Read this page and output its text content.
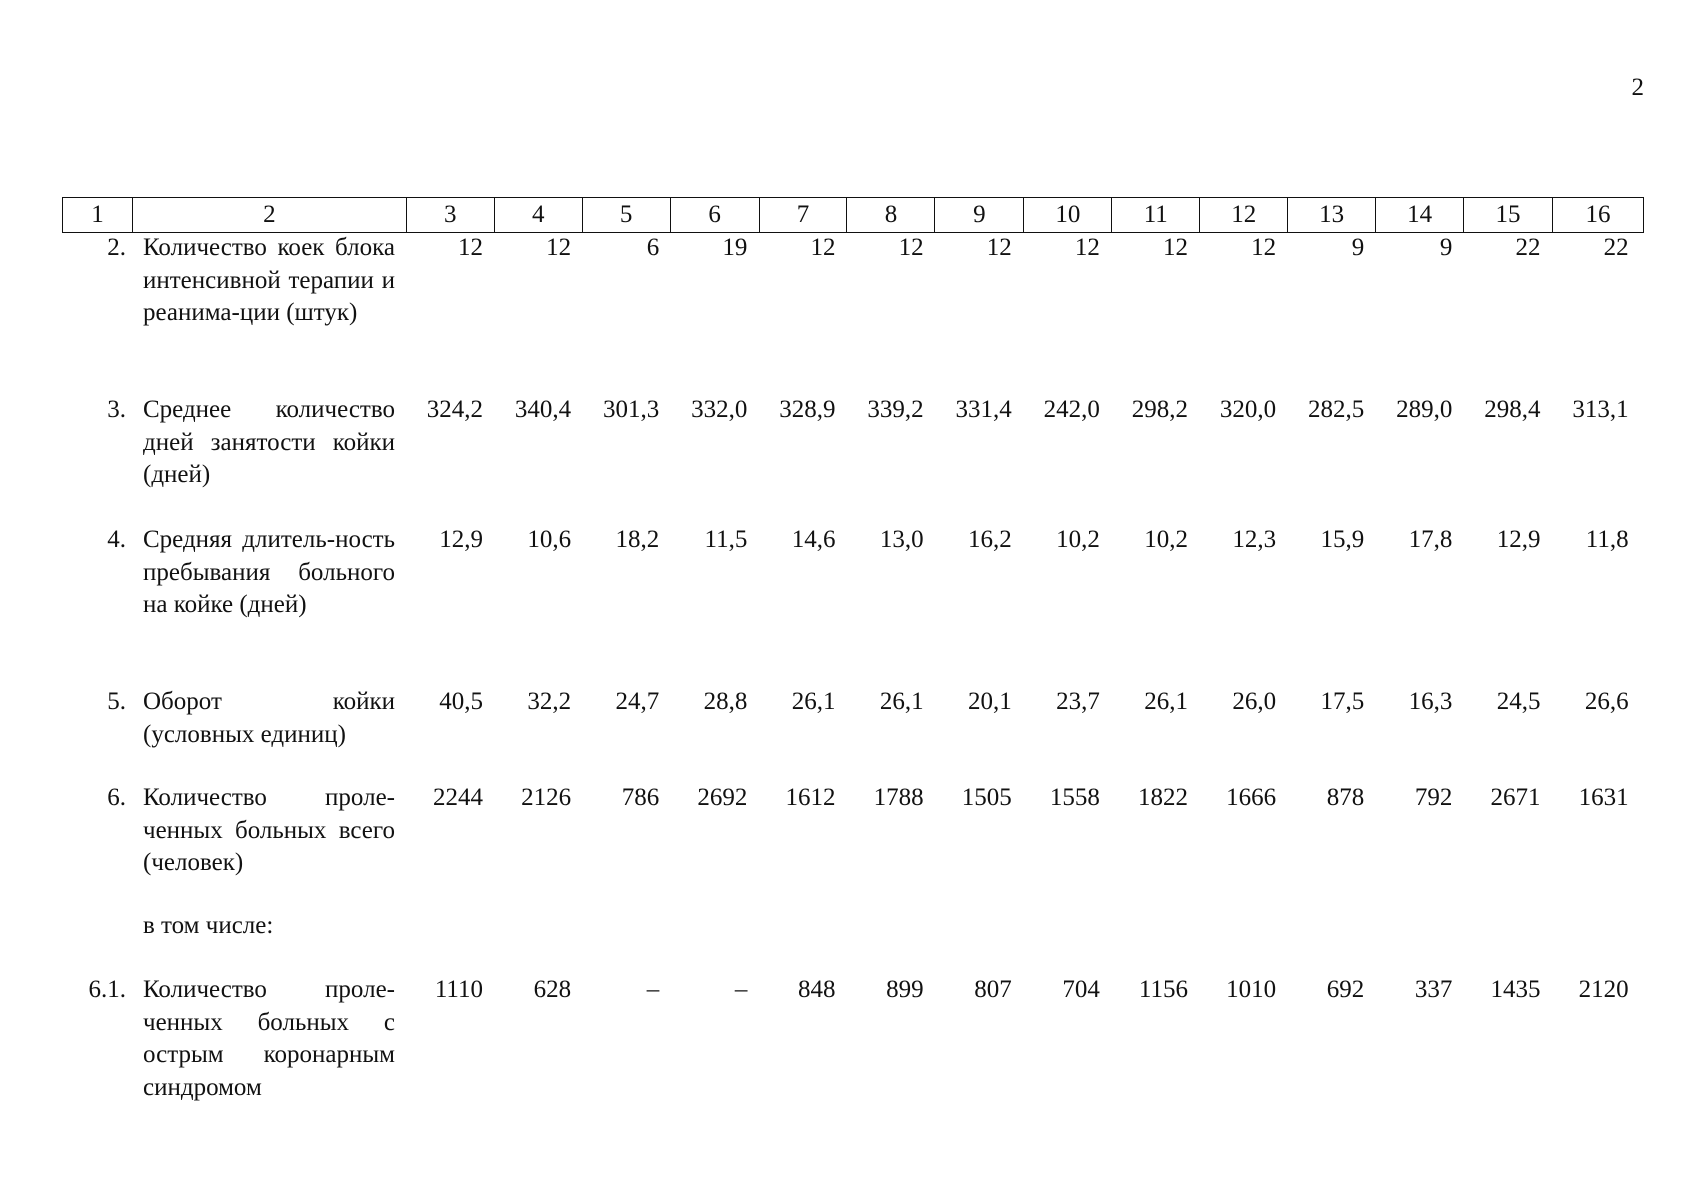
2
1	2	3	4	5	6	7	8	9	10	11	12	13	14	15	16
2. Количество коек блока интенсивной терапии и реанима-ции (штук)
12	12	6	19	12	12	12	12	12	12	9	9	22	22
3. Среднее количество дней занятости койки (дней)
324,2	340,4	301,3	332,0	328,9	339,2	331,4	242,0	298,2	320,0	282,5	289,0	298,4	313,1
4. Средняя длитель-ность пребывания больного на койке (дней)
12,9	10,6	18,2	11,5	14,6	13,0	16,2	10,2	10,2	12,3	15,9	17,8	12,9	11,8
5. Оборот койки (условных единиц)
40,5	32,2	24,7	28,8	26,1	26,1	20,1	23,7	26,1	26,0	17,5	16,3	24,5	26,6
6. Количество проле-ченных больных всего (человек)
2244	2126	786	2692	1612	1788	1505	1558	1822	1666	878	792	2671	1631
в том числе:
6.1. Количество проле-ченных больных с острым коронарным синдромом
1110	628	–	–	848	899	807	704	1156	1010	692	337	1435	2120
